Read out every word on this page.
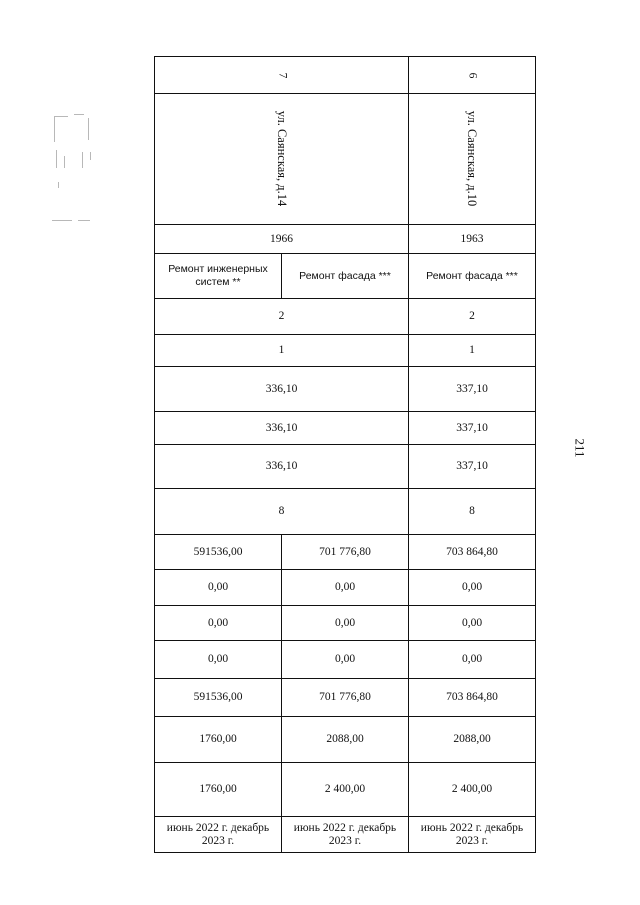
7		6
ул. Саянская, д.14		ул. Саянская, д.10
1966		1963
Ремонт инженерных систем **	Ремонт фасада ***	Ремонт фасада ***
2		2
1		1
336,10		337,10
336,10		337,10
336,10		337,10
8		8
591536,00	701 776,80	703 864,80
0,00	0,00	0,00
0,00	0,00	0,00
0,00	0,00	0,00
591536,00	701 776,80	703 864,80
1760,00	2088,00	2088,00
1760,00	2 400,00	2 400,00
июнь 2022 г. декабрь 2023 г.	июнь 2022 г. декабрь 2023 г.	июнь 2022 г. декабрь 2023 г.
211
